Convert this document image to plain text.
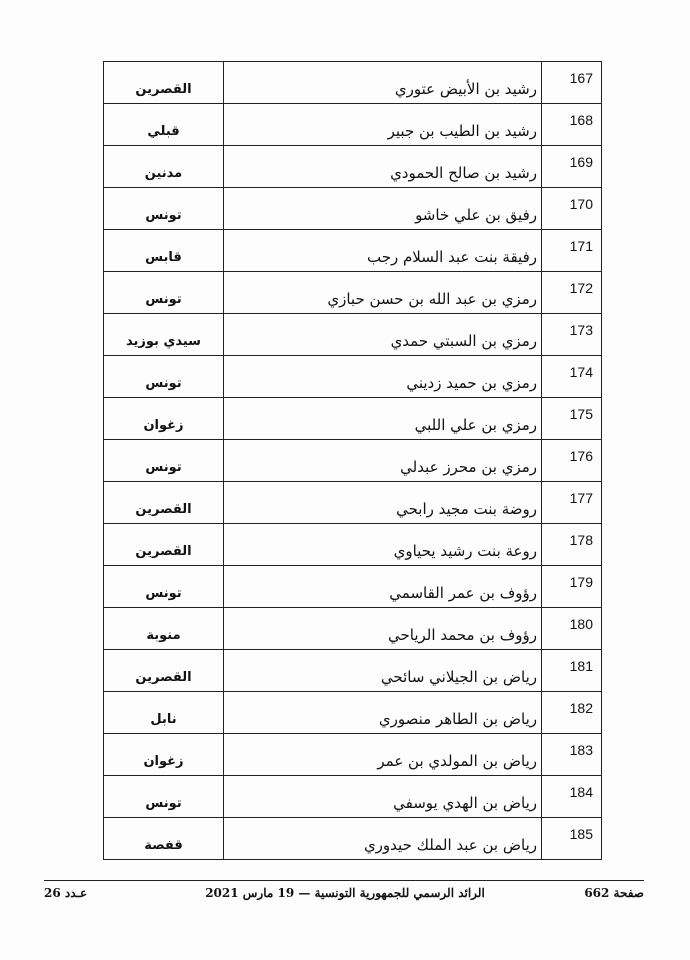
167	رشيد بن الأبيض عتوري	القصرين
168	رشيد بن الطيب بن جبير	قبلي
169	رشيد بن صالح الحمودي	مدنين
170	رفيق بن علي خاشو	تونس
171	رفيقة بنت عبد السلام رجب	قابس
172	رمزي بن عبد الله بن حسن حبازي	تونس
173	رمزي بن السبتي حمدي	سيدي بوزيد
174	رمزي بن حميد زديني	تونس
175	رمزي بن علي اللبي	زغوان
176	رمزي بن محرز عبدلي	تونس
177	روضة بنت مجيد رابحي	القصرين
178	روعة بنت رشيد يحياوي	القصرين
179	رؤوف بن عمر القاسمي	تونس
180	رؤوف بن محمد الرياحي	منوبة
181	رياض بن الجيلاني سائحي	القصرين
182	رياض بن الطاهر منصوري	نابل
183	رياض بن المولدي بن عمر	زغوان
184	رياض بن الهدي يوسفي	تونس
185	رياض بن عبد الملك حيدوري	قفصة
صفحة 662
الرائد الرسمي للجمهورية التونسية — 19 مارس 2021
عـدد 26
